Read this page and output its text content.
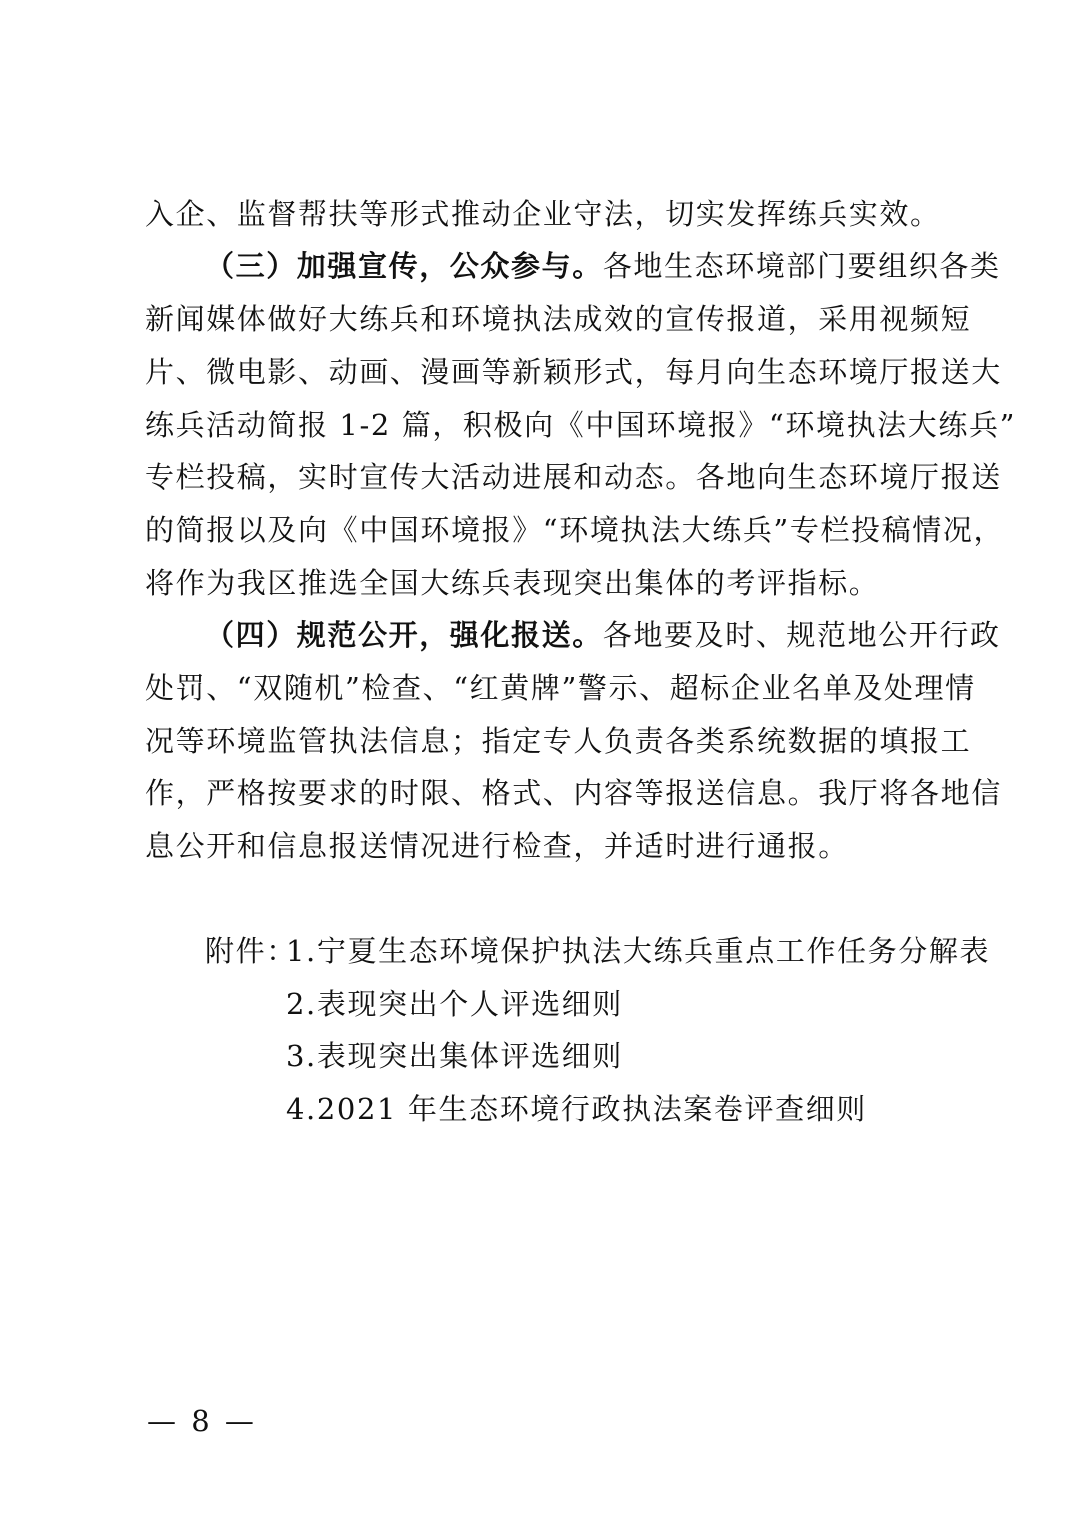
入企、监督帮扶等形式推动企业守法，切实发挥练兵实效。
（三）加强宣传，公众参与。各地生态环境部门要组织各类
新闻媒体做好大练兵和环境执法成效的宣传报道，采用视频短
片、微电影、动画、漫画等新颖形式，每月向生态环境厅报送大
练兵活动简报 1-2 篇，积极向《中国环境报》“环境执法大练兵”
专栏投稿，实时宣传大活动进展和动态。各地向生态环境厅报送
的简报以及向《中国环境报》“环境执法大练兵”专栏投稿情况，
将作为我区推选全国大练兵表现突出集体的考评指标。
（四）规范公开，强化报送。各地要及时、规范地公开行政
处罚、“双随机”检查、“红黄牌”警示、超标企业名单及处理情
况等环境监管执法信息；指定专人负责各类系统数据的填报工
作，严格按要求的时限、格式、内容等报送信息。我厅将各地信
息公开和信息报送情况进行检查，并适时进行通报。
附件：
1.宁夏生态环境保护执法大练兵重点工作任务分解表
2.表现突出个人评选细则
3.表现突出集体评选细则
4.2021 年生态环境行政执法案卷评查细则
— 8 —
